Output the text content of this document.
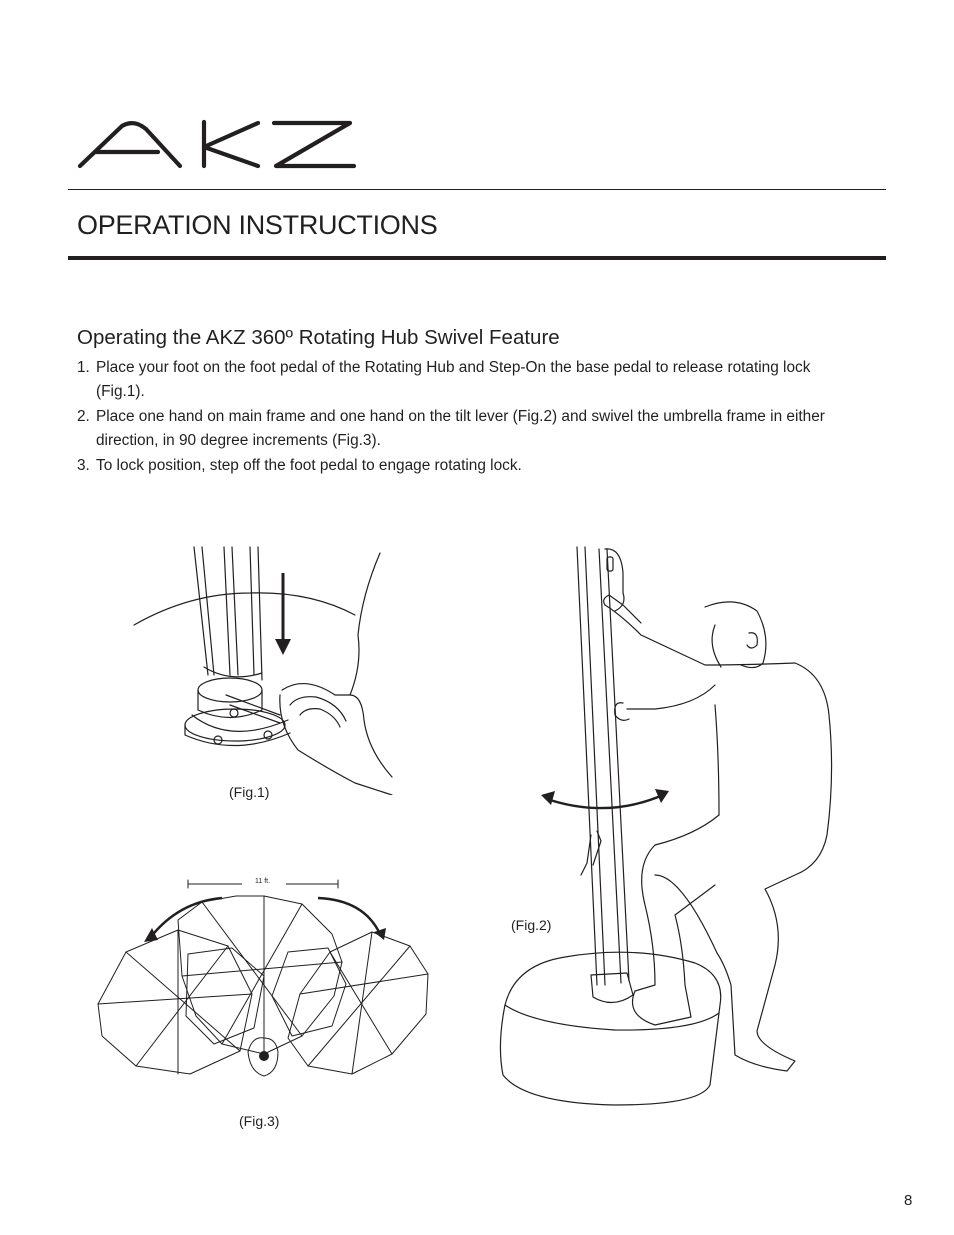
OPERATION INSTRUCTIONS
Operating the AKZ 360º Rotating Hub Swivel Feature
1. Place your foot on the foot pedal of the Rotating Hub and Step-On the base pedal to release rotating lock (Fig.1).
2. Place one hand on main frame and one hand on the tilt lever (Fig.2) and swivel the umbrella frame in either direction, in 90 degree increments (Fig.3).
3. To lock position, step off the foot pedal to engage rotating lock.
(Fig.1)
11 ft.
(Fig.3)
(Fig.2)
8
